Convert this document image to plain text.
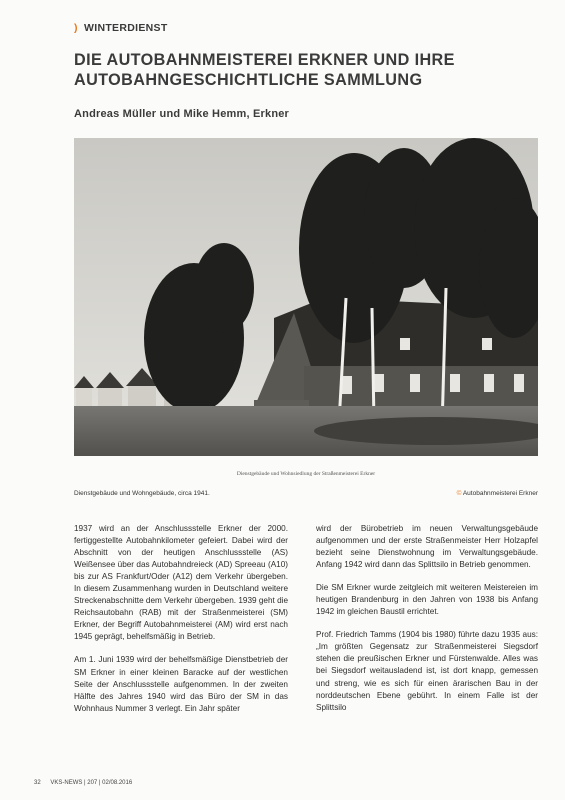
) WINTERDIENST
DIE AUTOBAHNMEISTEREI ERKNER UND IHRE AUTOBAHNGESCHICHTLICHE SAMMLUNG
Andreas Müller und Mike Hemm, Erkner
Dienstgebäude und Wohnsiedlung der Straßenmeisterei Erkner
Dienstgebäude und Wohngebäude, circa 1941.	© Autobahnmeisterei Erkner

1937 wird an der Anschlussstelle Erkner der 2000. fertiggestellte Autobahnkilometer gefeiert. Dabei wird der Abschnitt von der heutigen Anschlussstelle (AS) Weißensee über das Autobahndreieck (AD) Spreeau (A10) bis zur AS Frankfurt/Oder (A12) dem Verkehr übergeben. In diesem Zusammenhang wurden in Deutschland weitere Streckenabschnitte dem Verkehr übergeben. 1939 geht die Reichsautobahn (RAB) mit der Straßenmeisterei (SM) Erkner, der Begriff Autobahnmeisterei (AM) wird erst nach 1945 geprägt, behelfsmäßig in Betrieb.

Am 1. Juni 1939 wird der behelfsmäßige Dienstbetrieb der SM Erkner in einer kleinen Baracke auf der westlichen Seite der Anschlussstelle aufgenommen. In der zweiten Hälfte des Jahres 1940 wird das Büro der SM in das Wohnhaus Nummer 3 verlegt. Ein Jahr später

wird der Bürobetrieb im neuen Verwaltungsgebäude aufgenommen und der erste Straßenmeister Herr Holzapfel bezieht seine Dienstwohnung im Verwaltungsgebäude. Anfang 1942 wird dann das Splittsilo in Betrieb genommen.

Die SM Erkner wurde zeitgleich mit weiteren Meistereien im heutigen Brandenburg in den Jahren von 1938 bis Anfang 1942 im gleichen Baustil errichtet.

Prof. Friedrich Tamms (1904 bis 1980) führte dazu 1935 aus: „Im größten Gegensatz zur Straßenmeisterei Siegsdorf stehen die preußischen Erkner und Fürstenwalde. Alles was bei Siegsdorf weitausladend ist, ist dort knapp, gemessen und streng, wie es sich für einen ärarischen Bau in der norddeutschen Ebene gebührt. In einem Falle ist der Splittsilo

32 VKS-NEWS | 207 | 02/08.2016
